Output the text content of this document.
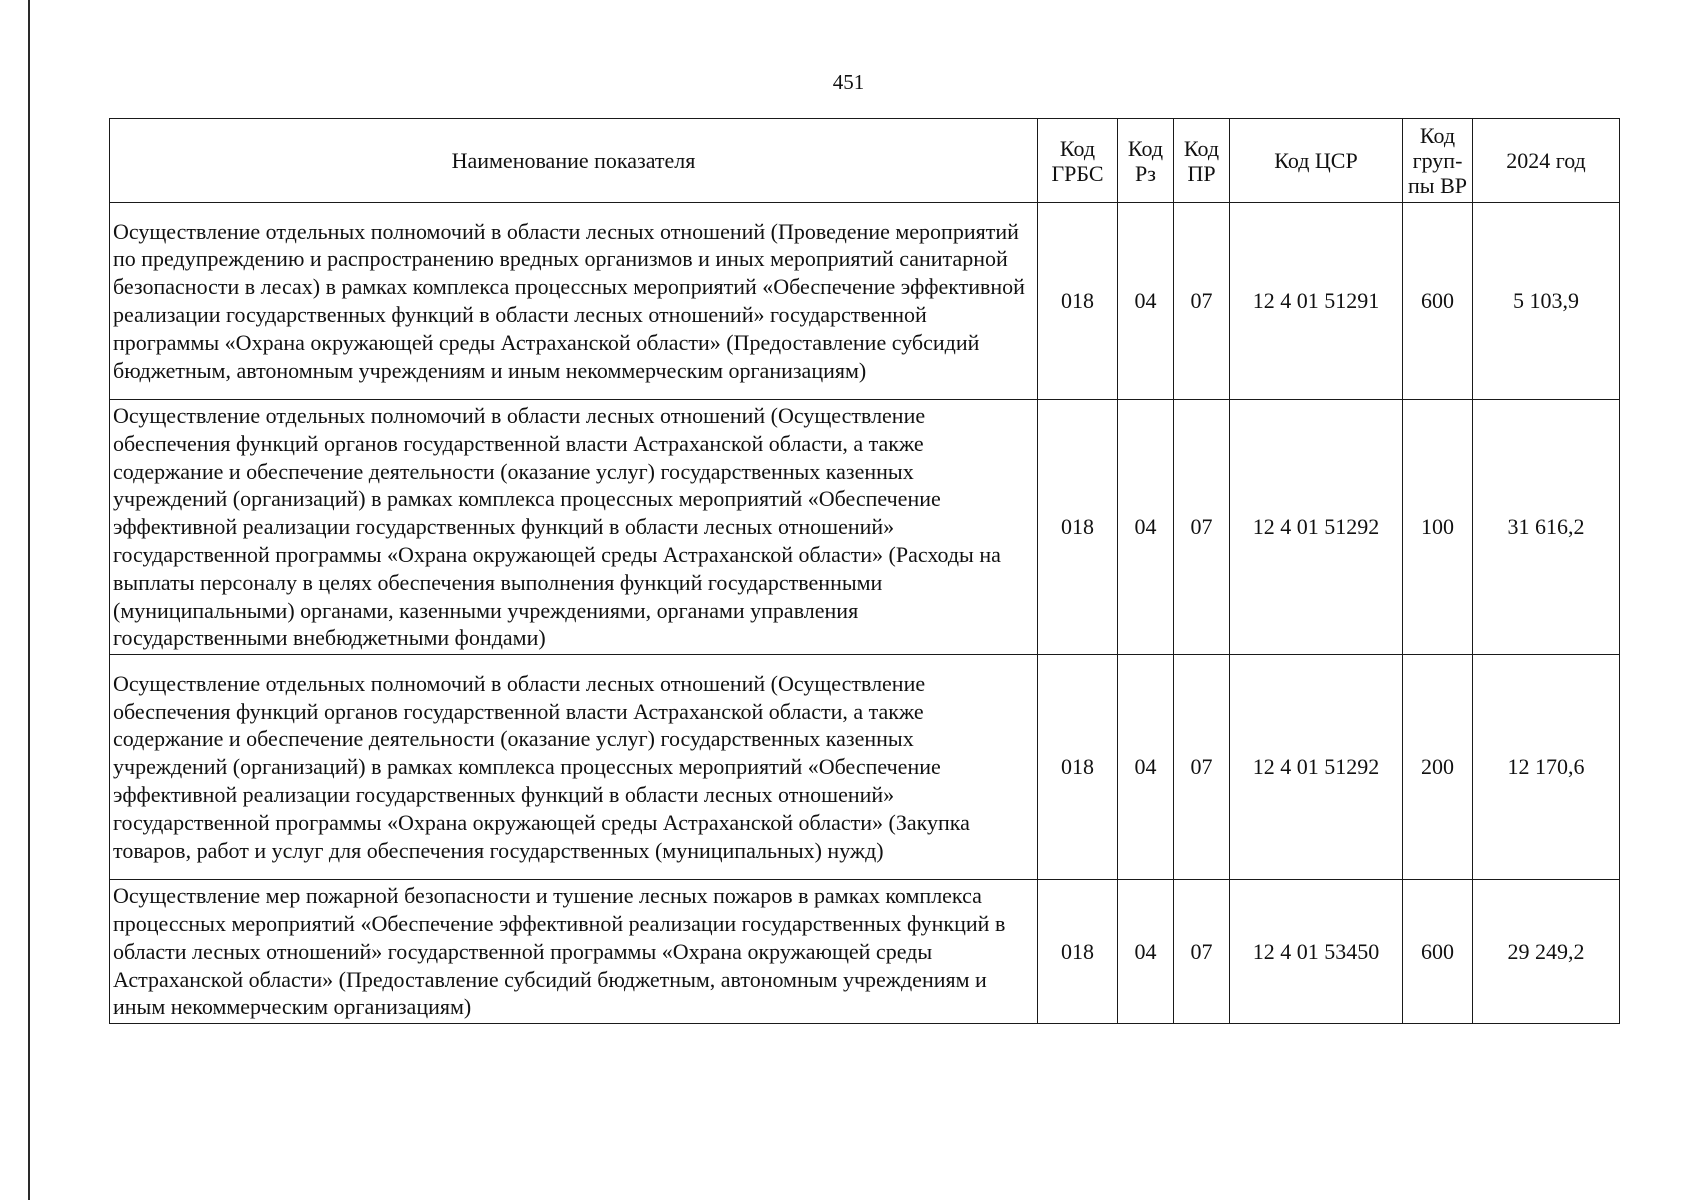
451
Наименование показателя	Код ГРБС	Код Рз	Код ПР	Код ЦСР	Код груп-пы ВР	2024 год
Осуществление отдельных полномочий в области лесных отношений (Проведение мероприятий по предупреждению и распространению вредных организмов и иных мероприятий санитарной безопасности в лесах) в рамках комплекса процессных мероприятий «Обеспечение эффективной реализации государственных функций в области лесных отношений» государственной программы «Охрана окружающей среды Астраханской области» (Предоставление субсидий бюджетным, автономным учреждениям и иным некоммерческим организациям)	018	04	07	12 4 01 51291	600	5 103,9
Осуществление отдельных полномочий в области лесных отношений (Осуществление обеспечения функций органов государственной власти Астраханской области, а также содержание и обеспечение деятельности (оказание услуг) государственных казенных учреждений (организаций) в рамках комплекса процессных мероприятий «Обеспечение эффективной реализации государственных функций в области лесных отношений» государственной программы «Охрана окружающей среды Астраханской области» (Расходы на выплаты персоналу в целях обеспечения выполнения функций государственными (муниципальными) органами, казенными учреждениями, органами управления государственными внебюджетными фондами)	018	04	07	12 4 01 51292	100	31 616,2
Осуществление отдельных полномочий в области лесных отношений (Осуществление обеспечения функций органов государственной власти Астраханской области, а также содержание и обеспечение деятельности (оказание услуг) государственных казенных учреждений (организаций) в рамках комплекса процессных мероприятий «Обеспечение эффективной реализации государственных функций в области лесных отношений» государственной программы «Охрана окружающей среды Астраханской области» (Закупка товаров, работ и услуг для обеспечения государственных (муниципальных) нужд)	018	04	07	12 4 01 51292	200	12 170,6
Осуществление мер пожарной безопасности и тушение лесных пожаров в рамках комплекса процессных мероприятий «Обеспечение эффективной реализации государственных функций в области лесных отношений» государственной программы «Охрана окружающей среды Астраханской области» (Предоставление субсидий бюджетным, автономным учреждениям и иным некоммерческим организациям)	018	04	07	12 4 01 53450	600	29 249,2
